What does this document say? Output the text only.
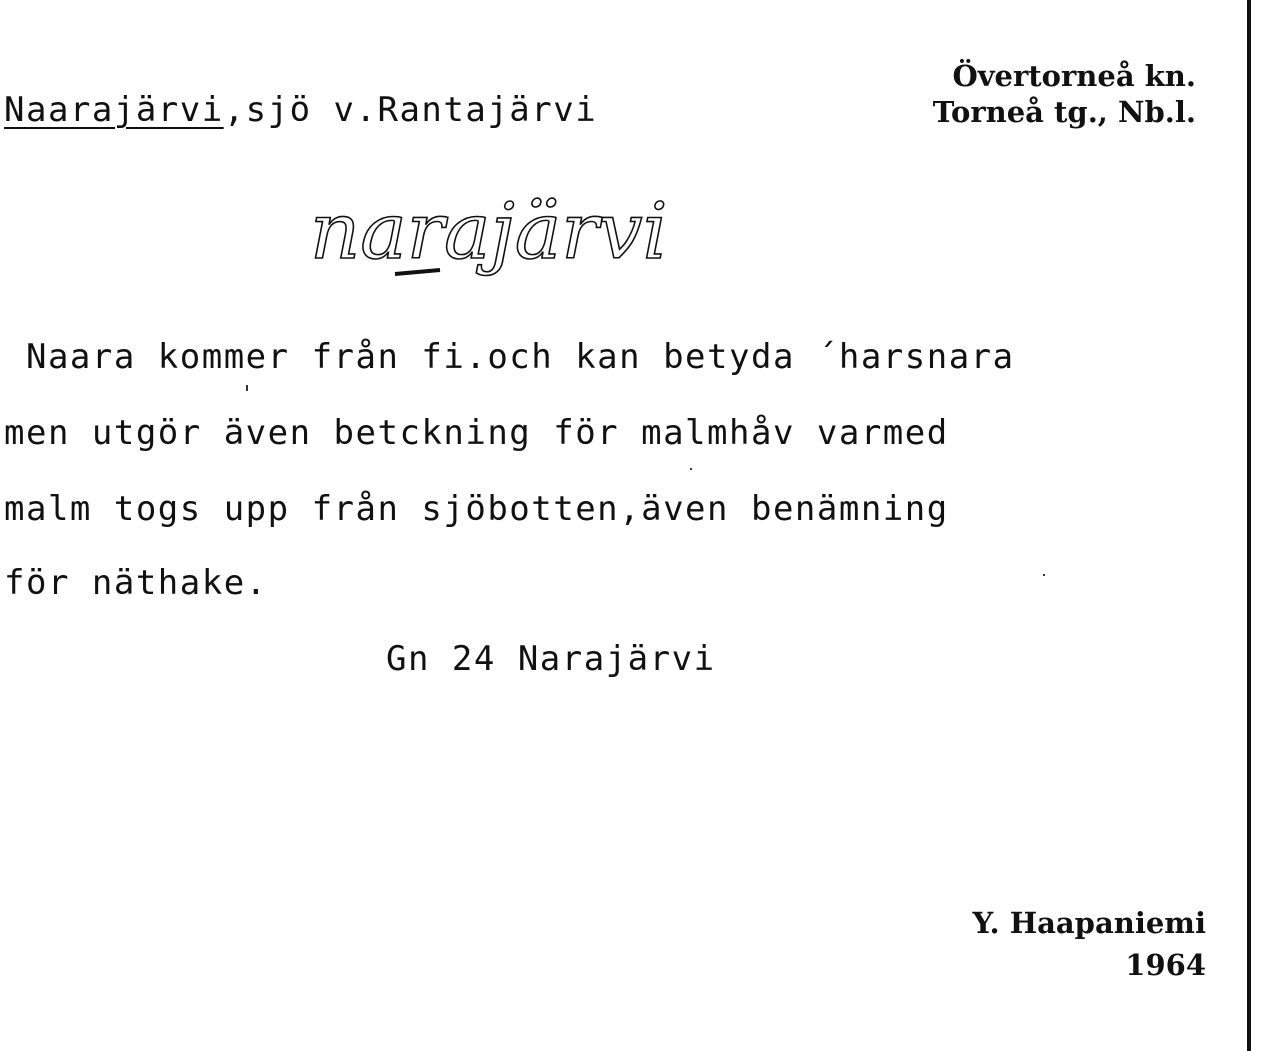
Naarajärvi,sjö v.Rantajärvi
Övertorneå kn.
Torneå tg., Nb.l.
narajärvi
Naara kommer från fi.och kan betyda ´harsnara
men utgör även betckning för malmhåv varmed
malm togs upp från sjöbotten,även benämning
för näthake.
Gn 24 Narajärvi
Y. Haapaniemi
1964
